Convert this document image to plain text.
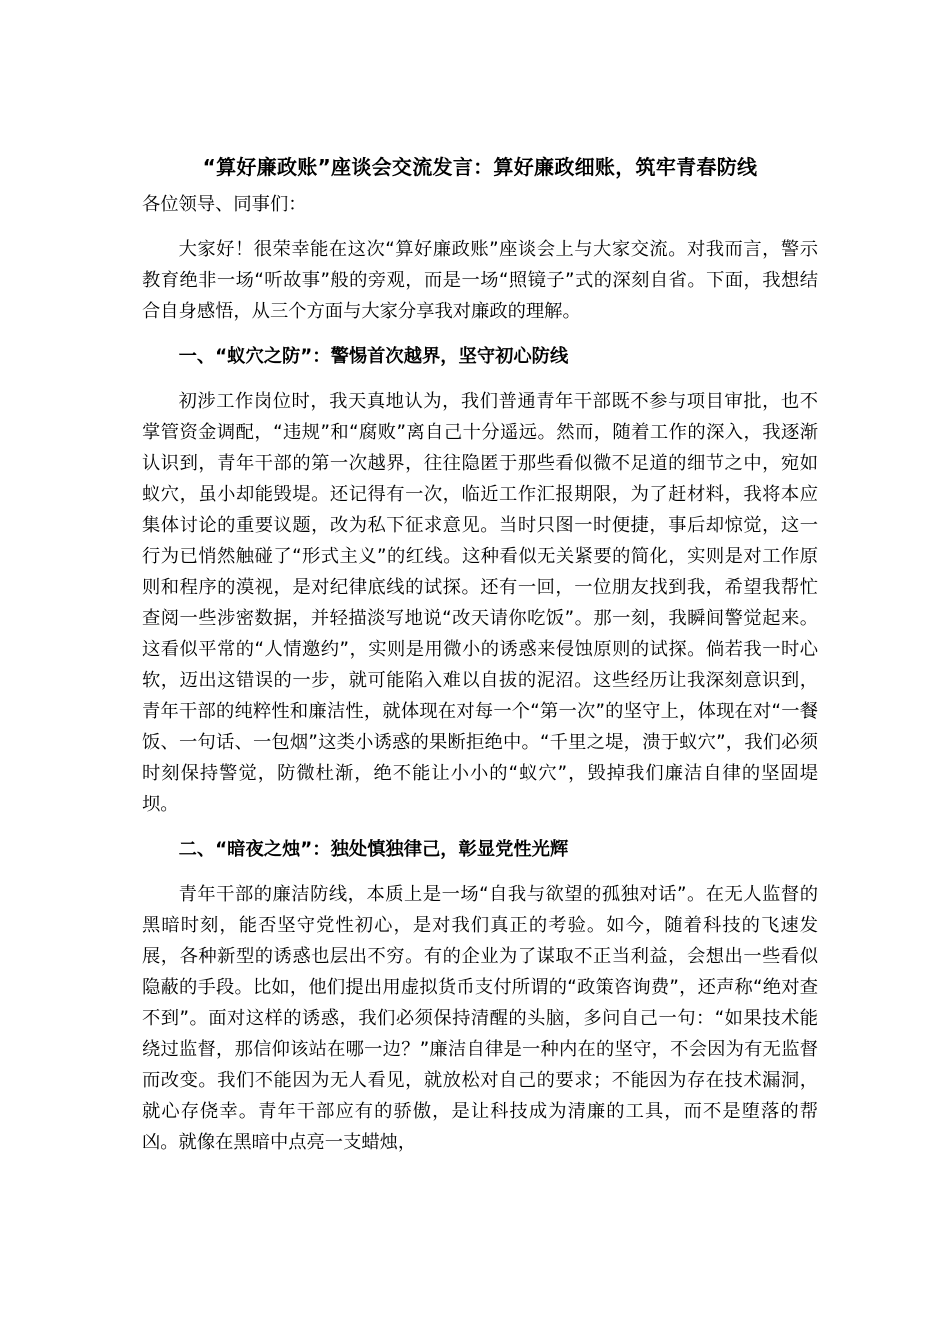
“算好廉政账”座谈会交流发言：算好廉政细账，筑牢青春防线

各位领导、同事们：

大家好！很荣幸能在这次“算好廉政账”座谈会上与大家交流。对我而言，警示教育绝非一场“听故事”般的旁观，而是一场“照镜子”式的深刻自省。下面，我想结合自身感悟，从三个方面与大家分享我对廉政的理解。

一、“蚁穴之防”：警惕首次越界，坚守初心防线

初涉工作岗位时，我天真地认为，我们普通青年干部既不参与项目审批，也不掌管资金调配，“违规”和“腐败”离自己十分遥远。然而，随着工作的深入，我逐渐认识到，青年干部的第一次越界，往往隐匿于那些看似微不足道的细节之中，宛如蚁穴，虽小却能毁堤。还记得有一次，临近工作汇报期限，为了赶材料，我将本应集体讨论的重要议题，改为私下征求意见。当时只图一时便捷，事后却惊觉，这一行为已悄然触碰了“形式主义”的红线。这种看似无关紧要的简化，实则是对工作原则和程序的漠视，是对纪律底线的试探。还有一回，一位朋友找到我，希望我帮忙查阅一些涉密数据，并轻描淡写地说“改天请你吃饭”。那一刻，我瞬间警觉起来。这看似平常的“人情邀约”，实则是用微小的诱惑来侵蚀原则的试探。倘若我一时心软，迈出这错误的一步，就可能陷入难以自拔的泥沼。这些经历让我深刻意识到，青年干部的纯粹性和廉洁性，就体现在对每一个“第一次”的坚守上，体现在对“一餐饭、一句话、一包烟”这类小诱惑的果断拒绝中。“千里之堤，溃于蚁穴”，我们必须时刻保持警觉，防微杜渐，绝不能让小小的“蚁穴”，毁掉我们廉洁自律的坚固堤坝。

二、“暗夜之烛”：独处慎独律己，彰显党性光辉

青年干部的廉洁防线，本质上是一场“自我与欲望的孤独对话”。在无人监督的黑暗时刻，能否坚守党性初心，是对我们真正的考验。如今，随着科技的飞速发展，各种新型的诱惑也层出不穷。有的企业为了谋取不正当利益，会想出一些看似隐蔽的手段。比如，他们提出用虚拟货币支付所谓的“政策咨询费”，还声称“绝对查不到”。面对这样的诱惑，我们必须保持清醒的头脑，多问自己一句：“如果技术能绕过监督，那信仰该站在哪一边？”廉洁自律是一种内在的坚守，不会因为有无监督而改变。我们不能因为无人看见，就放松对自己的要求；不能因为存在技术漏洞，就心存侥幸。青年干部应有的骄傲，是让科技成为清廉的工具，而不是堕落的帮凶。就像在黑暗中点亮一支蜡烛，
